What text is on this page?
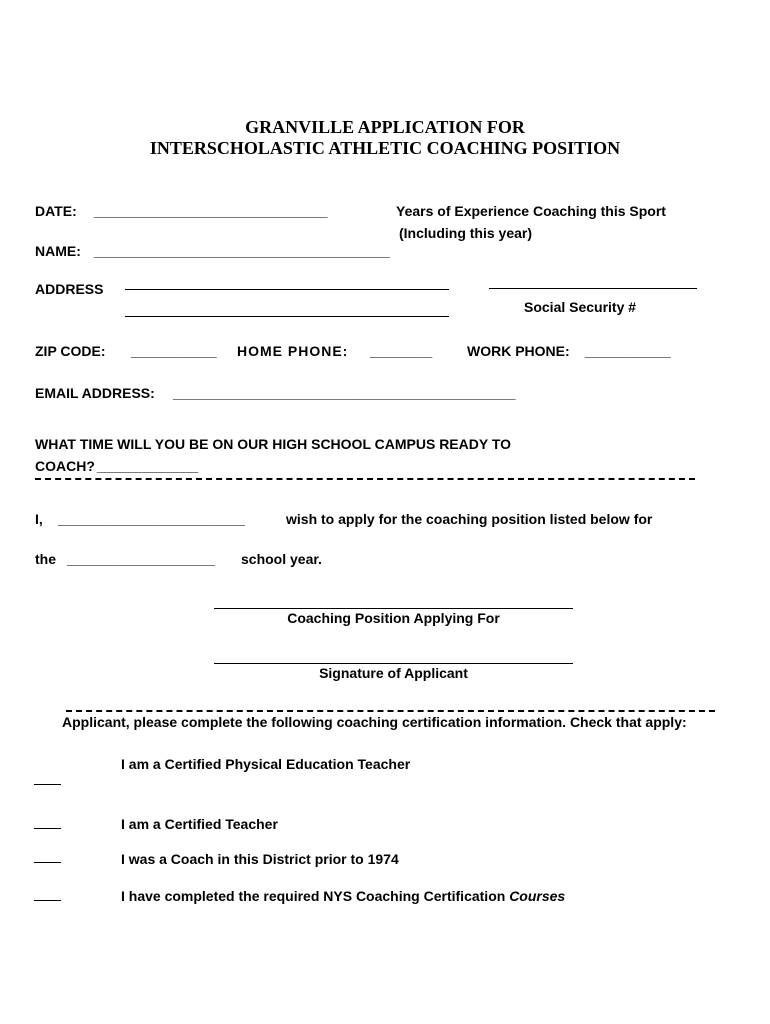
GRANVILLE APPLICATION FOR
INTERSCHOLASTIC ATHLETIC COACHING POSITION
DATE: ______________________________	Years of Experience Coaching this Sport
(Including this year)
NAME: ______________________________________
ADDRESS
Social Security #
ZIP CODE: ___________ HOME PHONE: ________ WORK PHONE: ___________
EMAIL ADDRESS: ____________________________________________
WHAT TIME WILL YOU BE ON OUR HIGH SCHOOL CAMPUS READY TO
COACH? _____________
I, ________________________	wish to apply for the coaching position listed below for
the ___________________ school year.
Coaching Position Applying For
Signature of Applicant
Applicant, please complete the following coaching certification information. Check that apply:
I am a Certified Physical Education Teacher
I am a Certified Teacher
I was a Coach in this District prior to 1974
I have completed the required NYS Coaching Certification Courses
